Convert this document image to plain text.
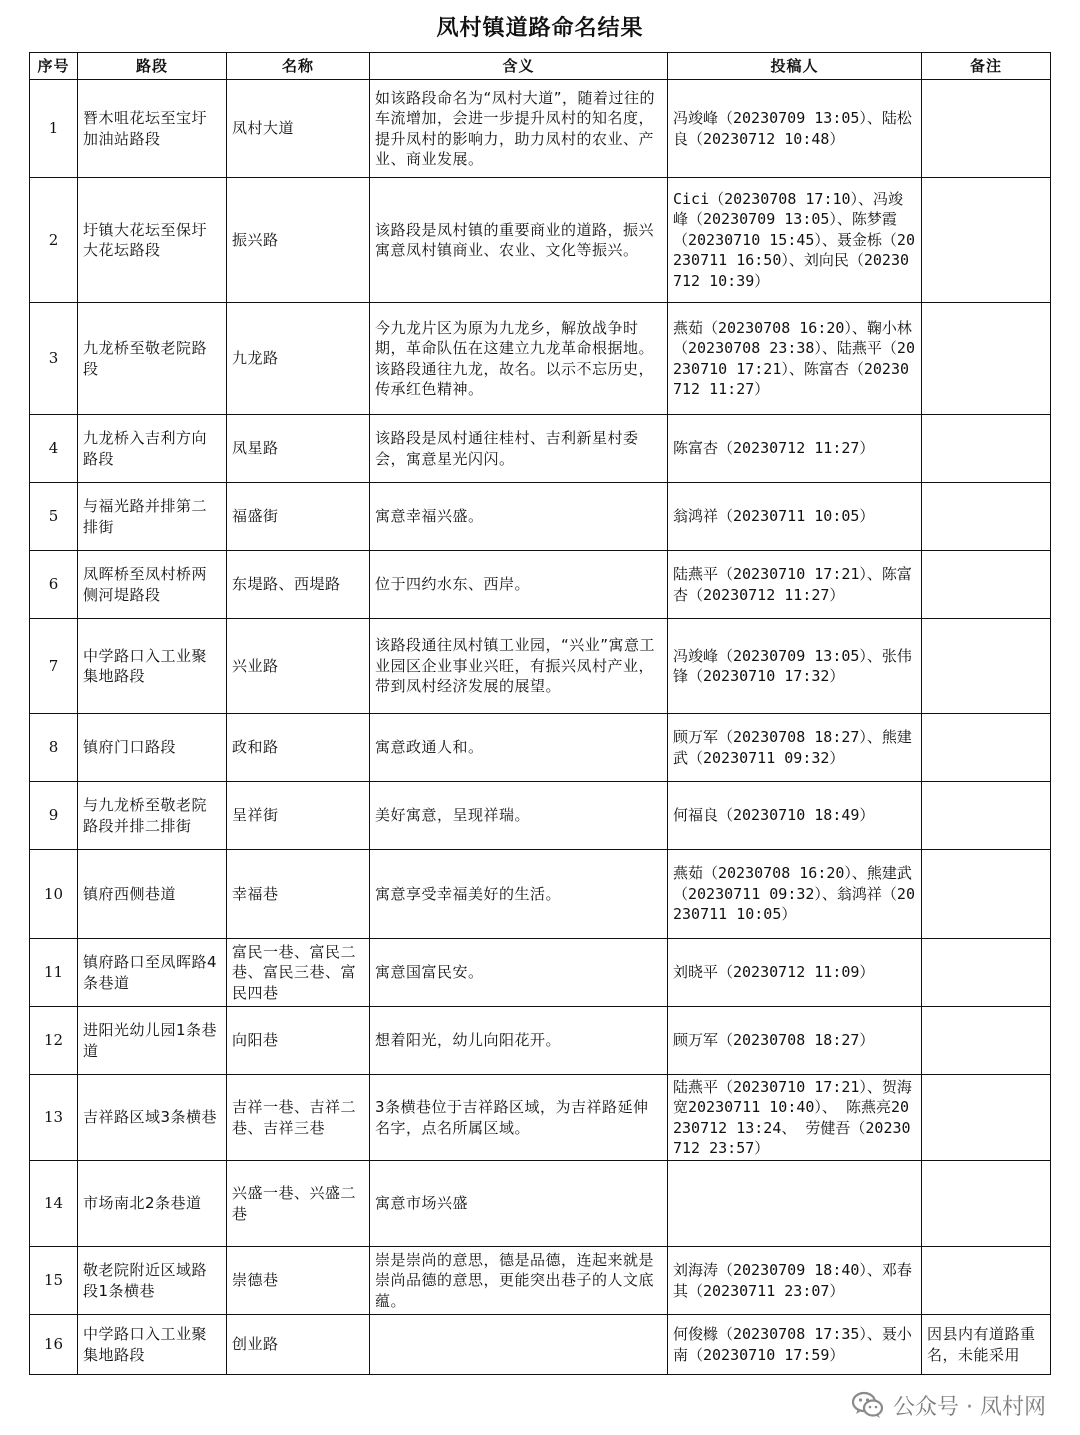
凤村镇道路命名结果
序号	路段	名称	含义	投稿人	备注
1	朁木咀花坛至宝圩加油站路段	凤村大道	如该路段命名为“凤村大道”，随着过往的车流增加，会进一步提升凤村的知名度，提升凤村的影响力，助力凤村的农业、产业、商业发展。	冯竣峰（20230709 13:05）、陆松良（20230712 10:48）	
2	圩镇大花坛至保圩大花坛路段	振兴路	该路段是凤村镇的重要商业的道路，振兴寓意凤村镇商业、农业、文化等振兴。	Cici（20230708 17:10）、冯竣峰（20230709 13:05）、陈梦霞（20230710 15:45）、聂金栎（20230711 16:50）、刘向民（20230712 10:39）	
3	九龙桥至敬老院路段	九龙路	今九龙片区为原为九龙乡，解放战争时期，革命队伍在这建立九龙革命根据地。该路段通往九龙，故名。以示不忘历史，传承红色精神。	燕茹（20230708 16:20）、鞠小林（20230708 23:38）、陆燕平（20230710 17:21）、陈富杏（20230712 11:27）	
4	九龙桥入吉利方向路段	凤星路	该路段是凤村通往桂村、吉利新星村委会，寓意星光闪闪。	陈富杏（20230712 11:27）	
5	与福光路并排第二排街	福盛街	寓意幸福兴盛。	翁鸿祥（20230711 10:05）	
6	凤晖桥至凤村桥两侧河堤路段	东堤路、西堤路	位于四约水东、西岸。	陆燕平（20230710 17:21）、陈富杏（20230712 11:27）	
7	中学路口入工业聚集地路段	兴业路	该路段通往凤村镇工业园，“兴业”寓意工业园区企业事业兴旺，有振兴凤村产业，带到凤村经济发展的展望。	冯竣峰（20230709 13:05）、张伟锋（20230710 17:32）	
8	镇府门口路段	政和路	寓意政通人和。	顾万军（20230708 18:27）、熊建武（20230711 09:32）	
9	与九龙桥至敬老院路段并排二排街	呈祥街	美好寓意，呈现祥瑞。	何福良（20230710 18:49）	
10	镇府西侧巷道	幸福巷	寓意享受幸福美好的生活。	燕茹（20230708 16:20）、熊建武（20230711 09:32）、翁鸿祥（20230711 10:05）	
11	镇府路口至凤晖路4条巷道	富民一巷、富民二巷、富民三巷、富民四巷	寓意国富民安。	刘晓平（20230712 11:09）	
12	进阳光幼儿园1条巷道	向阳巷	想着阳光，幼儿向阳花开。	顾万军（20230708 18:27）	
13	吉祥路区域3条横巷	吉祥一巷、吉祥二巷、吉祥三巷	3条横巷位于吉祥路区域，为吉祥路延伸名字，点名所属区域。	陆燕平（20230710 17:21）、贺海宽20230711 10:40）、 陈燕亮20230712 13:24、 劳健吾（20230712 23:57）	
14	市场南北2条巷道	兴盛一巷、兴盛二巷	寓意市场兴盛		
15	敬老院附近区域路段1条横巷	崇德巷	崇是崇尚的意思，德是品德，连起来就是崇尚品德的意思，更能突出巷子的人文底蕴。	刘海涛（20230709 18:40）、邓春其（20230711 23:07）	
16	中学路口入工业聚集地路段	创业路		何俊橼（20230708 17:35）、聂小南（20230710 17:59）	因县内有道路重名，未能采用
公众号 · 凤村网
